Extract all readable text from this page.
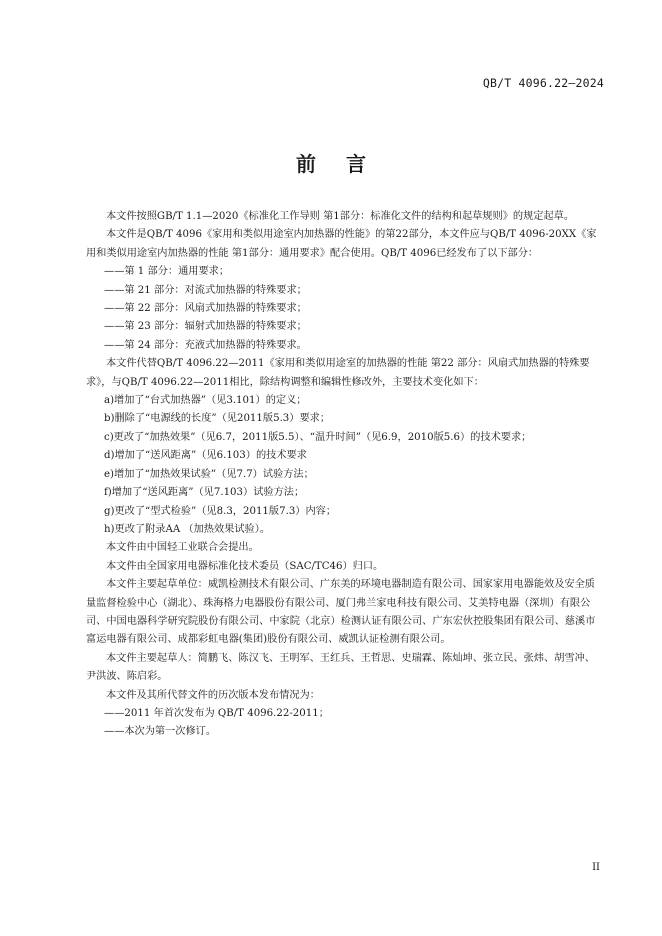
QB/T 4096.22—2024
前 言

本文件按照GB/T 1.1—2020《标准化工作导则 第1部分：标准化文件的结构和起草规则》的规定起草。

本文件是QB/T 4096《家用和类似用途室内加热器的性能》的第22部分，本文件应与QB/T 4096-20XX《家用和类似用途室内加热器的性能 第1部分：通用要求》配合使用。QB/T 4096已经发布了以下部分：

——第 1 部分：通用要求；

——第 21 部分：对流式加热器的特殊要求；

——第 22 部分：风扇式加热器的特殊要求；

——第 23 部分：辐射式加热器的特殊要求；

——第 24 部分：充液式加热器的特殊要求。

本文件代替QB/T 4096.22—2011《家用和类似用途室的加热器的性能 第22 部分：风扇式加热器的特殊要求》，与QB/T 4096.22—2011相比，除结构调整和编辑性修改外，主要技术变化如下：

a)增加了“台式加热器”（见3.101）的定义；

b)删除了“电源线的长度”（见2011版5.3）要求；

c)更改了“加热效果”（见6.7，2011版5.5）、“温升时间”（见6.9，2010版5.6）的技术要求；

d)增加了“送风距离”（见6.103）的技术要求

e)增加了“加热效果试验”（见7.7）试验方法；

f)增加了“送风距离”（见7.103）试验方法；

g)更改了“型式检验”（见8.3，2011版7.3）内容；

h)更改了附录AA （加热效果试验）。

本文件由中国轻工业联合会提出。

本文件由全国家用电器标准化技术委员（SAC/TC46）归口。

本文件主要起草单位：威凯检测技术有限公司、广东美的环境电器制造有限公司、国家家用电器能效及安全质量监督检验中心（湖北）、珠海格力电器股份有限公司、厦门弗兰家电科技有限公司、艾美特电器（深圳）有限公司、中国电器科学研究院股份有限公司、中家院（北京）检测认证有限公司、广东宏伙控股集团有限公司、慈溪市富运电器有限公司、成都彩虹电器(集团)股份有限公司、威凯认证检测有限公司。

本文件主要起草人：简鹏飞、陈汉飞、王明军、王红兵、王哲思、史瑞霖、陈灿坤、张立民、张炜、胡雪冲、尹洪波、陈启彩。

本文件及其所代替文件的历次版本发布情况为：

——2011 年首次发布为 QB/T 4096.22-2011；

——本次为第一次修订。

II
